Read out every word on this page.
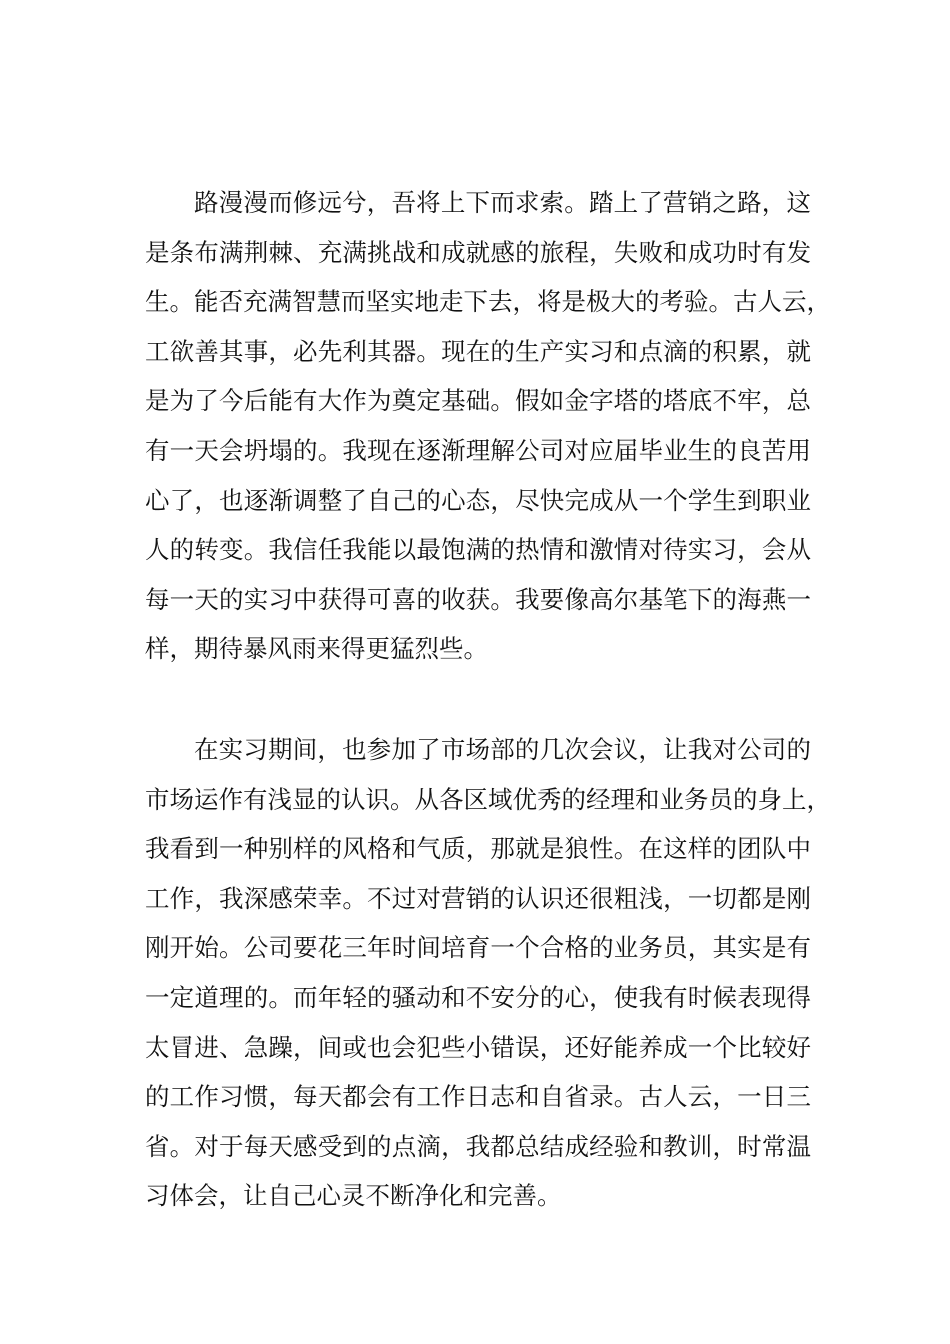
路漫漫而修远兮，吾将上下而求索。踏上了营销之路，这
是条布满荆棘、充满挑战和成就感的旅程，失败和成功时有发
生。能否充满智慧而坚实地走下去，将是极大的考验。古人云，
工欲善其事，必先利其器。现在的生产实习和点滴的积累，就
是为了今后能有大作为奠定基础。假如金字塔的塔底不牢，总
有一天会坍塌的。我现在逐渐理解公司对应届毕业生的良苦用
心了，也逐渐调整了自己的心态，尽快完成从一个学生到职业
人的转变。我信任我能以最饱满的热情和激情对待实习，会从
每一天的实习中获得可喜的收获。我要像高尔基笔下的海燕一
样，期待暴风雨来得更猛烈些。
在实习期间，也参加了市场部的几次会议，让我对公司的
市场运作有浅显的认识。从各区域优秀的经理和业务员的身上，
我看到一种别样的风格和气质，那就是狼性。在这样的团队中
工作，我深感荣幸。不过对营销的认识还很粗浅，一切都是刚
刚开始。公司要花三年时间培育一个合格的业务员，其实是有
一定道理的。而年轻的骚动和不安分的心，使我有时候表现得
太冒进、急躁，间或也会犯些小错误，还好能养成一个比较好
的工作习惯，每天都会有工作日志和自省录。古人云，一日三
省。对于每天感受到的点滴，我都总结成经验和教训，时常温
习体会，让自己心灵不断净化和完善。
